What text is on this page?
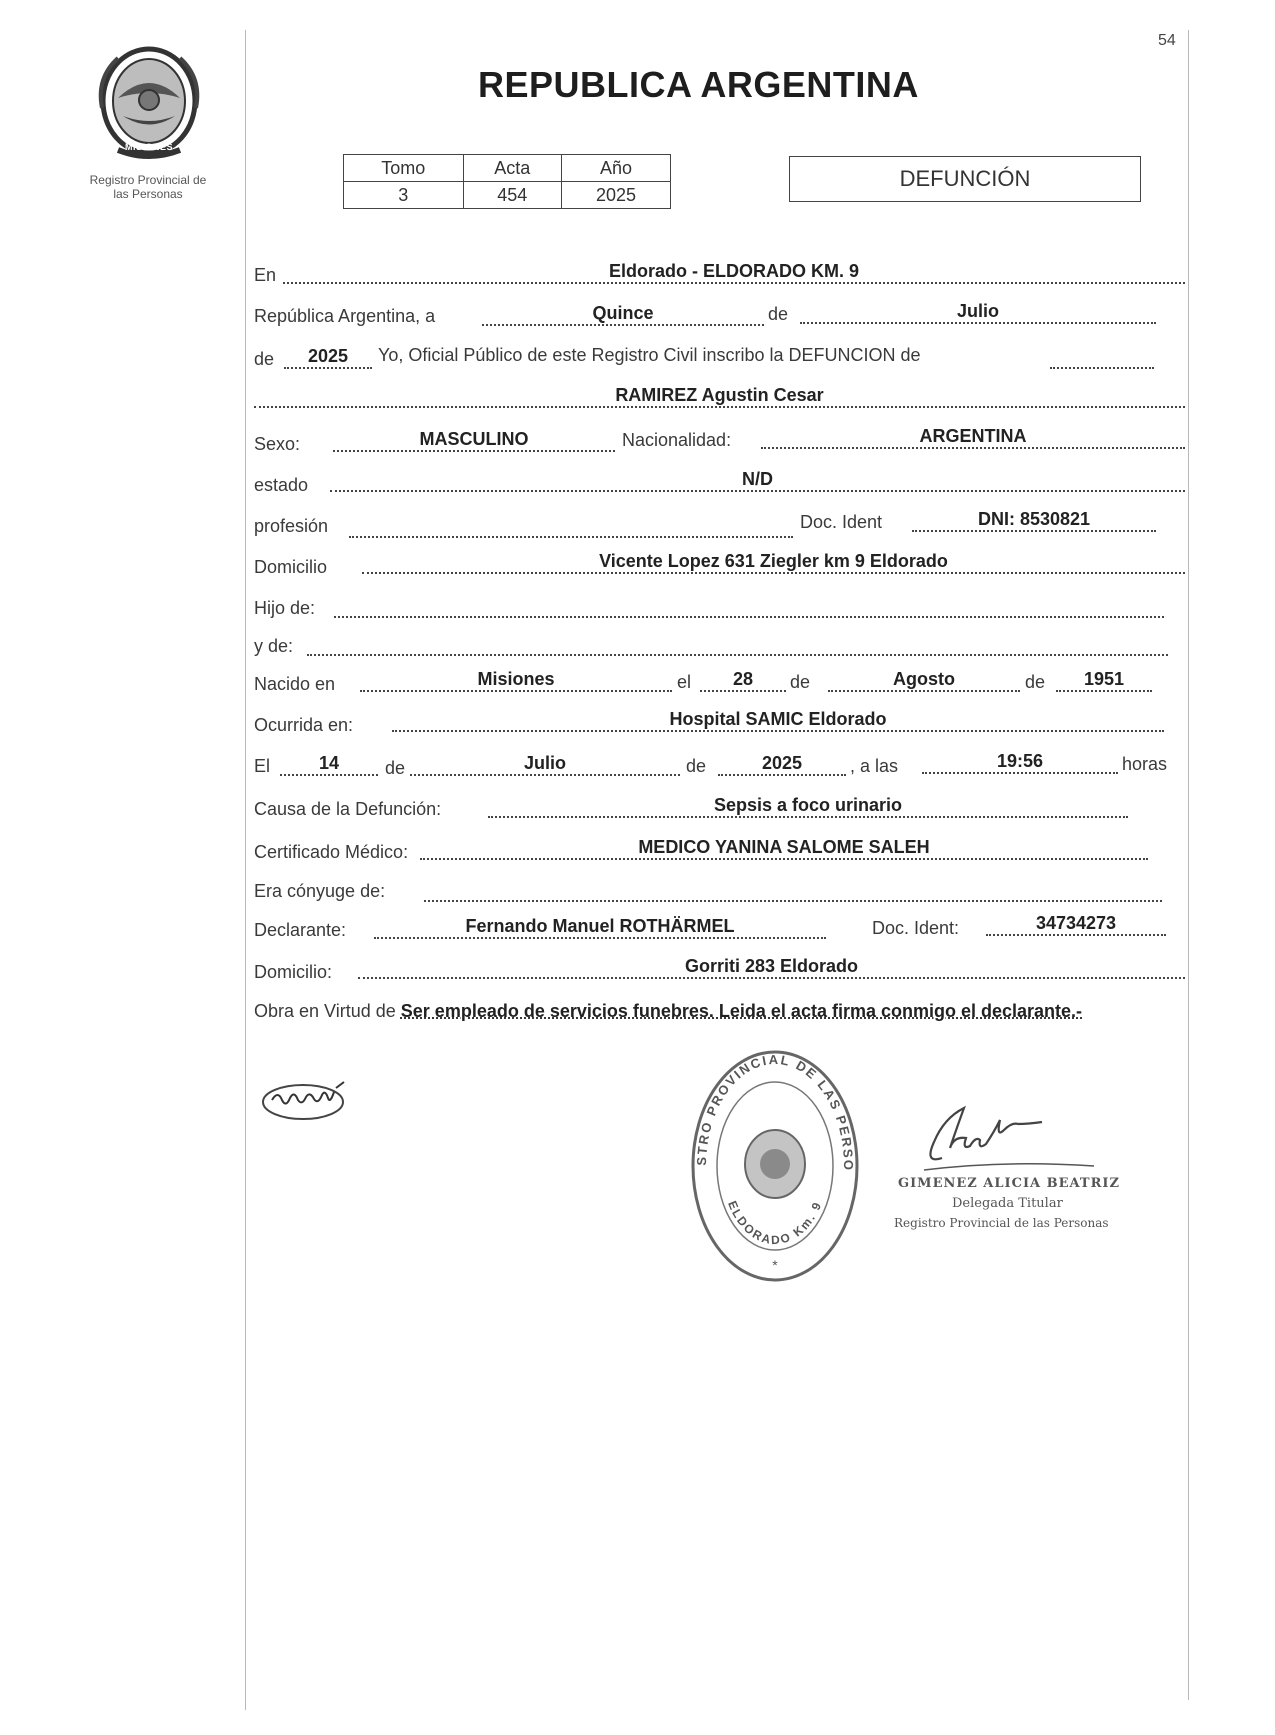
54
MISIONES
Registro Provincial de
las Personas
REPUBLICA ARGENTINA
Tomo	Acta	Año
3	454	2025
DEFUNCIÓN
En	Eldorado - ELDORADO KM. 9
República Argentina, a	Quince	de	Julio
de	2025	Yo, Oficial Público de este Registro Civil inscribo la DEFUNCION de
RAMIREZ Agustin Cesar
Sexo:	MASCULINO	Nacionalidad:	ARGENTINA
estado	N/D
profesión	Doc. Ident	DNI: 8530821
Domicilio	Vicente Lopez 631 Ziegler km 9 Eldorado
Hijo de:
y de:
Nacido en	Misiones	el	28	de	Agosto	de	1951
Ocurrida en:	Hospital SAMIC Eldorado
El	14	de	Julio	de	2025	, a las	19:56	horas
Causa de la Defunción:	Sepsis a foco urinario
Certificado Médico:	MEDICO YANINA SALOME SALEH
Era cónyuge de:
Declarante:	Fernando Manuel ROTHÄRMEL	Doc. Ident:	34734273
Domicilio:	Gorriti 283 Eldorado
Obra en Virtud de Ser empleado de servicios funebres. Leida el acta firma conmigo el declarante.-
STRO PROVINCIAL DE LAS PERSO
ELDORADO Km. 9
*
GIMENEZ ALICIA BEATRIZ
Delegada Titular
Registro Provincial de las Personas
